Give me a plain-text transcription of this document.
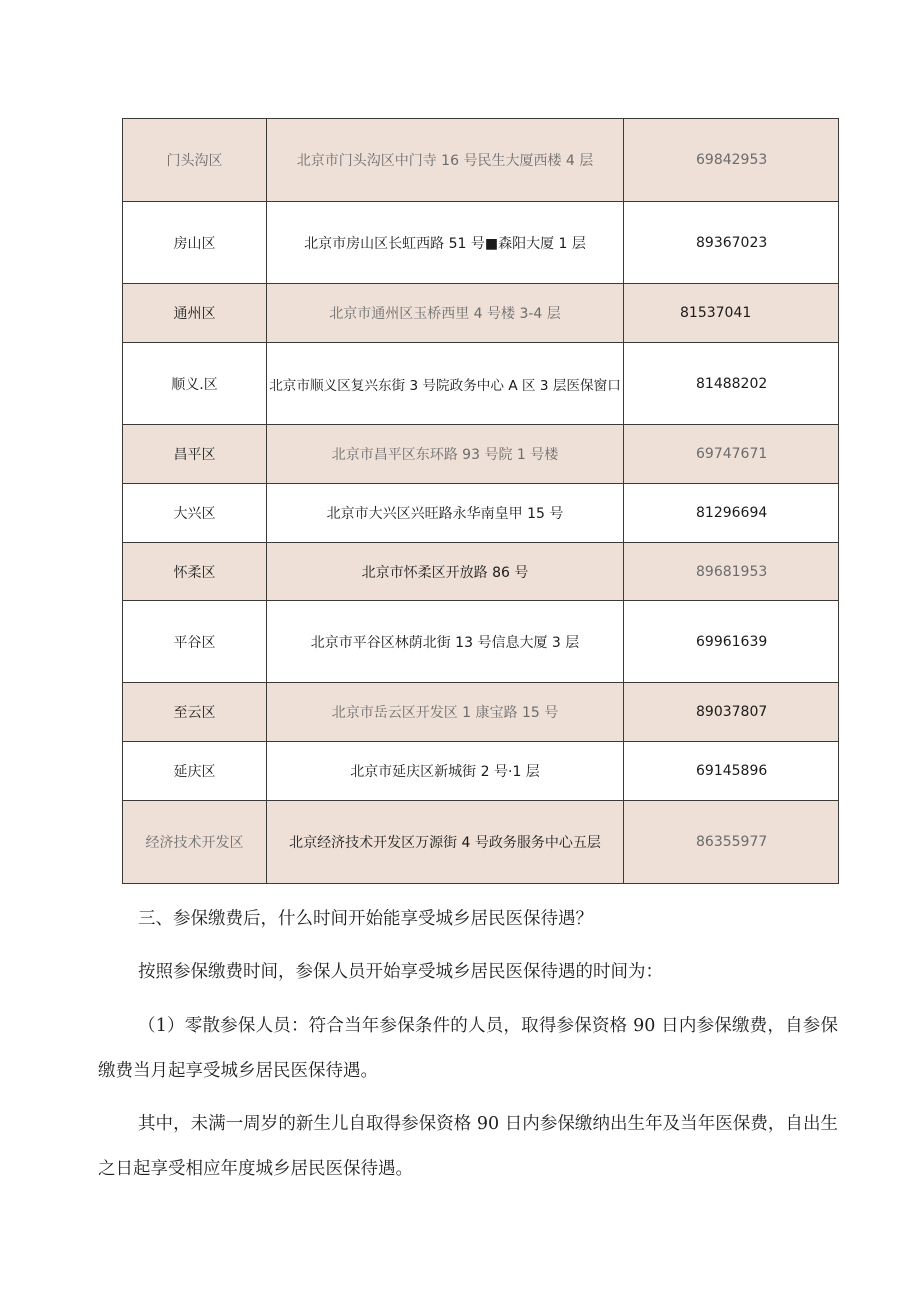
门头沟区	北京市门头沟区中门寺 16 号民生大厦西楼 4 层	69842953
房山区	北京市房山区长虹西路 51 号■森阳大厦 1 层	89367023
通州区	北京市通州区玉桥西里 4 号楼 3-4 层	81537041
顺义.区	北京市顺义区复兴东街 3 号院政务中心 A 区 3 层医保窗口	81488202
昌平区	北京市昌平区东环路 93 号院 1 号楼	69747671
大兴区	北京市大兴区兴旺路永华南皇甲 15 号	81296694
怀柔区	北京市怀柔区开放路 86 号	89681953
平谷区	北京市平谷区林荫北街 13 号信息大厦 3 层	69961639
至云区	北京市岳云区开发区 1 康宝路 15 号	89037807
延庆区	北京市延庆区新城街 2 号·1 层	69145896
经济技术开发区	北京经济技术开发区万源街 4 号政务服务中心五层	86355977

三、参保缴费后，什么时间开始能享受城乡居民医保待遇？

按照参保缴费时间，参保人员开始享受城乡居民医保待遇的时间为：

（1）零散参保人员：符合当年参保条件的人员，取得参保资格 90 日内参保缴费，自参保缴费当月起享受城乡居民医保待遇。

其中，未满一周岁的新生儿自取得参保资格 90 日内参保缴纳出生年及当年医保费，自出生之日起享受相应年度城乡居民医保待遇。
